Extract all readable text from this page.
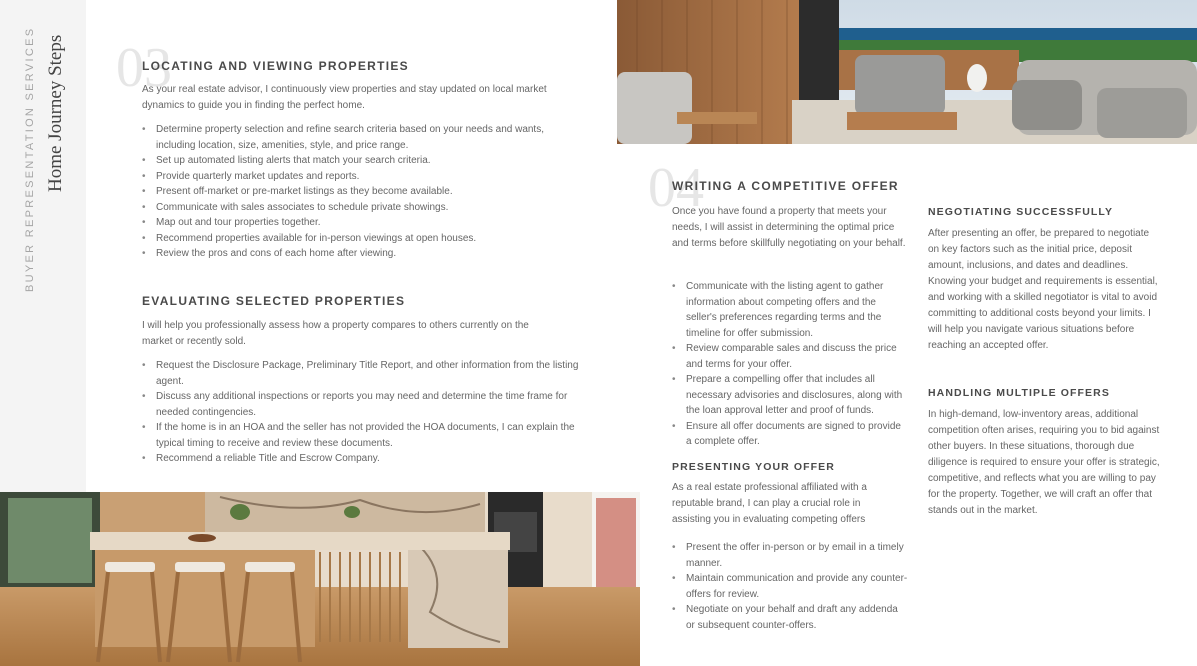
BUYER REPRESENTATION SERVICES Home Journey Steps 03
LOCATING AND VIEWING PROPERTIES

As your real estate advisor, I continuously view properties and stay updated on local market dynamics to guide you in finding the perfect home.

• Determine property selection and refine search criteria based on your needs and wants, including location, size, amenities, style, and price range.
• Set up automated listing alerts that match your search criteria.
• Provide quarterly market updates and reports.
• Present off-market or pre-market listings as they become available.
• Communicate with sales associates to schedule private showings.
• Map out and tour properties together.
• Recommend properties available for in-person viewings at open houses.
• Review the pros and cons of each home after viewing.
EVALUATING SELECTED PROPERTIES

I will help you professionally assess how a property compares to others currently on the market or recently sold.

• Request the Disclosure Package, Preliminary Title Report, and other information from the listing agent.
• Discuss any additional inspections or reports you may need and determine the time frame for needed contingencies.
• If the home is in an HOA and the seller has not provided the HOA documents, I can explain the typical timing to receive and review these documents.
• Recommend a reliable Title and Escrow Company.
04
WRITING A COMPETITIVE OFFER

Once you have found a property that meets your needs, I will assist in determining the optimal price and terms before skillfully negotiating on your behalf.

• Communicate with the listing agent to gather information about competing offers and the seller's preferences regarding terms and the timeline for offer submission.
• Review comparable sales and discuss the price and terms for your offer.
• Prepare a compelling offer that includes all necessary advisories and disclosures, along with the loan approval letter and proof of funds.
• Ensure all offer documents are signed to provide a complete offer.
PRESENTING YOUR OFFER

As a real estate professional affiliated with a reputable brand, I can play a crucial role in assisting you in evaluating competing offers

• Present the offer in-person or by email in a timely manner.
• Maintain communication and provide any counter-offers for review.
• Negotiate on your behalf and draft any addenda or subsequent counter-offers.
NEGOTIATING SUCCESSFULLY

After presenting an offer, be prepared to negotiate on key factors such as the initial price, deposit amount, inclusions, and dates and deadlines. Knowing your budget and requirements is essential, and working with a skilled negotiator is vital to avoid committing to additional costs beyond your limits. I will help you navigate various situations before reaching an accepted offer.

HANDLING MULTIPLE OFFERS

In high-demand, low-inventory areas, additional competition often arises, requiring you to bid against other buyers. In these situations, thorough due diligence is required to ensure your offer is strategic, competitive, and reflects what you are willing to pay for the property. Together, we will craft an offer that stands out in the market.
